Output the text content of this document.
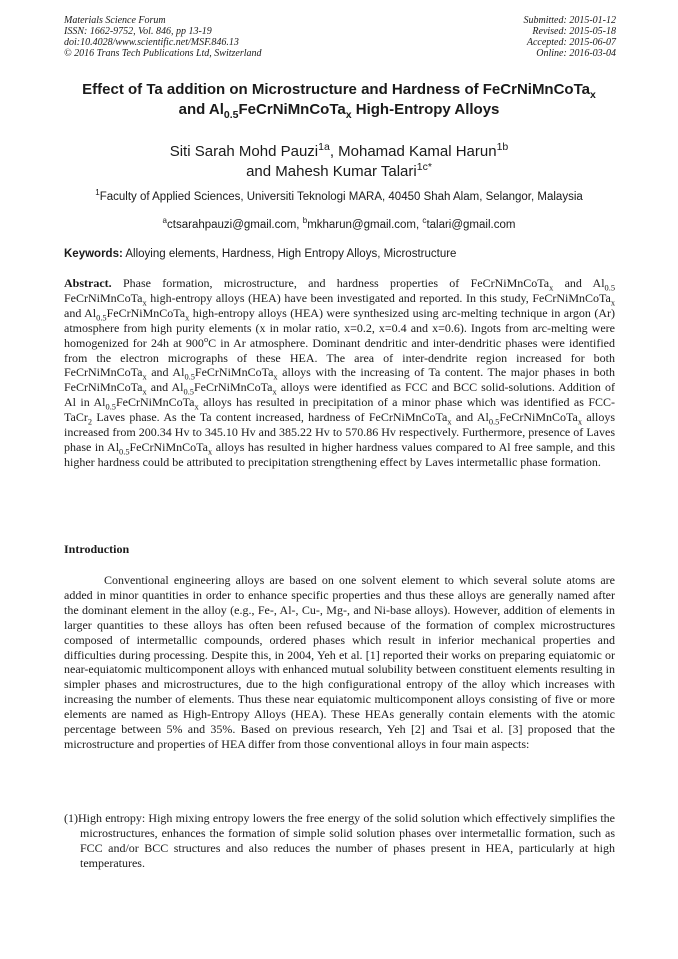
Materials Science Forum
ISSN: 1662-9752, Vol. 846, pp 13-19
doi:10.4028/www.scientific.net/MSF.846.13
© 2016 Trans Tech Publications Ltd, Switzerland
Submitted: 2015-01-12
Revised: 2015-05-18
Accepted: 2015-06-07
Online: 2016-03-04
Effect of Ta addition on Microstructure and Hardness of FeCrNiMnCoTa$_x$
and $Al_{0.5}FeCrNiMnCoTa_x$ High-Entropy Alloys
Siti Sarah Mohd Pauzi$^{1a}$, Mohamad Kamal Harun$^{1b}$
and Mahesh Kumar Talari$^{1c*}$
$^1$Faculty of Applied Sciences, Universiti Teknologi MARA, 40450 Shah Alam, Selangor, Malaysia
$^a$ctsarahpauzi@gmail.com, $^b$mkharun@gmail.com, $^c$talari@gmail.com
Keywords: Alloying elements, Hardness, High Entropy Alloys, Microstructure
Abstract. Phase formation, microstructure, and hardness properties of FeCrNiMnCoTa$_x$ and $Al_{0.5}$ FeCrNiMnCoTa$_x$ high-entropy alloys (HEA) have been investigated and reported. In this study, FeCrNiMnCoTa$_x$ and $Al_{0.5}FeCrNiMnCoTa_x$ high-entropy alloys (HEA) were synthesized using arc-melting technique in argon (Ar) atmosphere from high purity elements (x in molar ratio, x=0.2, x=0.4 and x=0.6). Ingots from arc-melting were homogenized for 24h at 900$^o$C in Ar atmosphere. Dominant dendritic and inter-dendritic phases were identified from the electron micrographs of these HEA. The area of inter-dendrite region increased for both FeCrNiMnCoTa$_x$ and $Al_{0.5}FeCrNiMnCoTa_x$ alloys with the increasing of Ta content. The major phases in both FeCrNiMnCoTa$_x$ and $Al_{0.5}FeCrNiMnCoTa_x$ alloys were identified as FCC and BCC solid-solutions. Addition of Al in $Al_{0.5}FeCrNiMnCoTa_x$ alloys has resulted in precipitation of a minor phase which was identified as FCC-TaCr$_2$ Laves phase. As the Ta content increased, hardness of FeCrNiMnCoTa$_x$ and $Al_{0.5}FeCrNiMnCoTa_x$ alloys increased from 200.34 Hv to 345.10 Hv and 385.22 Hv to 570.86 Hv respectively. Furthermore, presence of Laves phase in $Al_{0.5}FeCrNiMnCoTa_x$ alloys has resulted in higher hardness values compared to Al free sample, and this higher hardness could be attributed to precipitation strengthening effect by Laves intermetallic phase formation.
Introduction
Conventional engineering alloys are based on one solvent element to which several solute atoms are added in minor quantities in order to enhance specific properties and thus these alloys are generally named after the dominant element in the alloy (e.g., Fe-, Al-, Cu-, Mg-, and Ni-base alloys). However, addition of elements in larger quantities to these alloys has often been refused because of the formation of complex microstructures composed of intermetallic compounds, ordered phases which result in inferior mechanical properties and difficulties during processing. Despite this, in 2004, Yeh et al. [1] reported their works on preparing equiatomic or near-equiatomic multicomponent alloys with enhanced mutual solubility between constituent elements resulting in simpler phases and microstructures, due to the high configurational entropy of the alloy which increases with increasing the number of elements. Thus these near equiatomic multicomponent alloys consisting of five or more elements are named as High-Entropy Alloys (HEA). These HEAs generally contain elements with the atomic percentage between 5% and 35%. Based on previous research, Yeh [2] and Tsai et al. [3] proposed that the microstructure and properties of HEA differ from those conventional alloys in four main aspects:
(1)High entropy: High mixing entropy lowers the free energy of the solid solution which effectively simplifies the microstructures, enhances the formation of simple solid solution phases over intermetallic formation, such as FCC and/or BCC structures and also reduces the number of phases present in HEA, particularly at high temperatures.
